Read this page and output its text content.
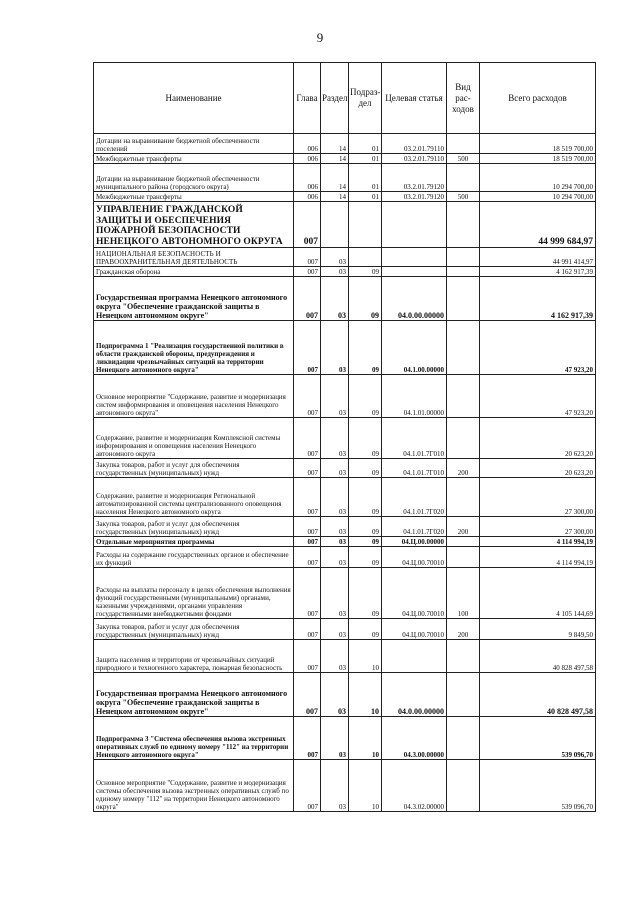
9
Наименование	Глава	Раздел	Подраз-дел	Целевая статья	Вид рас-ходов	Всего расходов
Дотации на выравнивание бюджетной обеспеченности поселений	006	14	01	03.2.01.79110		18 519 700,00
Межбюджетные трансферты	006	14	01	03.2.01.79110	500	18 519 700,00
Дотации на выравнивание бюджетной обеспеченности муниципального района (городского округа)	006	14	01	03.2.01.79120		10 294 700,00
Межбюджетные трансферты	006	14	01	03.2.01.79120	500	10 294 700,00
УПРАВЛЕНИЕ ГРАЖДАНСКОЙ ЗАЩИТЫ И ОБЕСПЕЧЕНИЯ ПОЖАРНОЙ БЕЗОПАСНОСТИ НЕНЕЦКОГО АВТОНОМНОГО ОКРУГА	007					44 999 684,97
НАЦИОНАЛЬНАЯ БЕЗОПАСНОСТЬ И ПРАВООХРАНИТЕЛЬНАЯ ДЕЯТЕЛЬНОСТЬ	007	03				44 991 414,97
Гражданская оборона	007	03	09			4 162 917,39
Государственная программа Ненецкого автономного округа "Обеспечение гражданской защиты в Ненецком автономном округе"	007	03	09	04.0.00.00000		4 162 917,39
Подпрограмма 1 "Реализация государственной политики в области гражданской обороны, предупреждения и ликвидации чрезвычайных ситуаций на территории Ненецкого автономного округа"	007	03	09	04.1.00.00000		47 923,20
Основное мероприятие "Содержание, развитие и модернизация систем информирования и оповещения населения Ненецкого автономного округа"	007	03	09	04.1.01.00000		47 923,20
Содержание, развитие и модернизация Комплексной системы информирования и оповещения населения Ненецкого автономного округа	007	03	09	04.1.01.7Г010		20 623,20
Закупка товаров, работ и услуг для обеспечения государственных (муниципальных) нужд	007	03	09	04.1.01.7Г010	200	20 623,20
Содержание, развитие и модернизация Региональной автоматизированной системы централизованного оповещения населения Ненецкого автономного округа	007	03	09	04.1.01.7Г020		27 300,00
Закупка товаров, работ и услуг для обеспечения государственных (муниципальных) нужд	007	03	09	04.1.01.7Г020	200	27 300,00
Отдельные мероприятия программы	007	03	09	04.Ц.00.00000		4 114 994,19
Расходы на содержание государственных органов и обеспечение их функций	007	03	09	04.Ц.00.70010		4 114 994,19
Расходы на выплаты персоналу в целях обеспечения выполнения функций государственными (муниципальными) органами, казенными учреждениями, органами управления государственными внебюджетными фондами	007	03	09	04.Ц.00.70010	100	4 105 144,69
Закупка товаров, работ и услуг для обеспечения государственных (муниципальных) нужд	007	03	09	04.Ц.00.70010	200	9 849,50
Защита населения и территории от чрезвычайных ситуаций природного и техногенного характера, пожарная безопасность	007	03	10			40 828 497,58
Государственная программа Ненецкого автономного округа "Обеспечение гражданской защиты в Ненецком автономном округе"	007	03	10	04.0.00.00000		40 828 497,58
Подпрограмма 3 "Система обеспечения вызова экстренных оперативных служб по единому номеру "112" на территории Ненецкого автономного округа"	007	03	10	04.3.00.00000		539 096,70
Основное мероприятие "Содержание, развитие и модернизация системы обеспечения вызова экстренных оперативных служб по единому номеру "112" на территории Ненецкого автономного округа"	007	03	10	04.3.02.00000		539 096,70
